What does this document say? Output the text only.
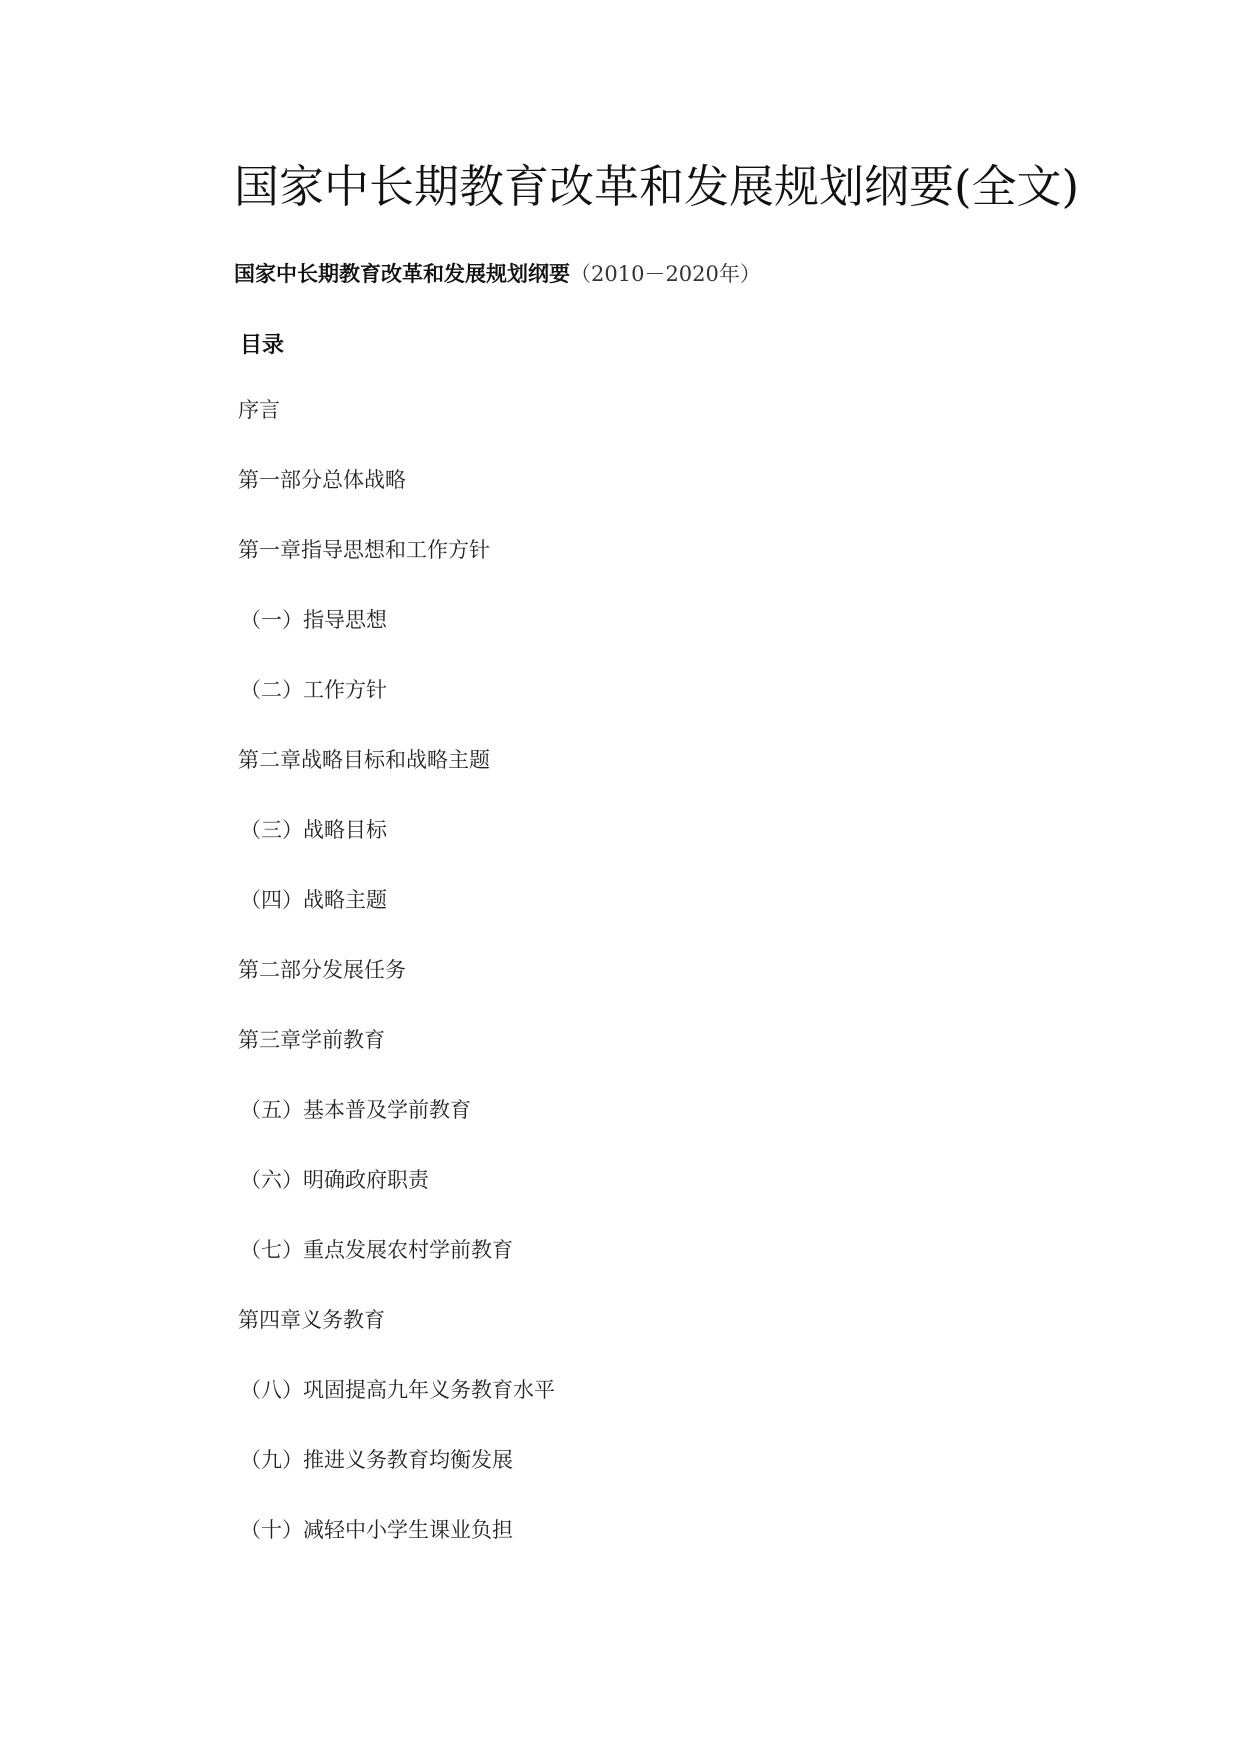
国家中长期教育改革和发展规划纲要(全文)
国家中长期教育改革和发展规划纲要（2010－2020年）
目录
序言
第一部分总体战略
第一章指导思想和工作方针
（一）指导思想
（二）工作方针
第二章战略目标和战略主题
（三）战略目标
（四）战略主题
第二部分发展任务
第三章学前教育
（五）基本普及学前教育
（六）明确政府职责
（七）重点发展农村学前教育
第四章义务教育
（八）巩固提高九年义务教育水平
（九）推进义务教育均衡发展
（十）减轻中小学生课业负担
